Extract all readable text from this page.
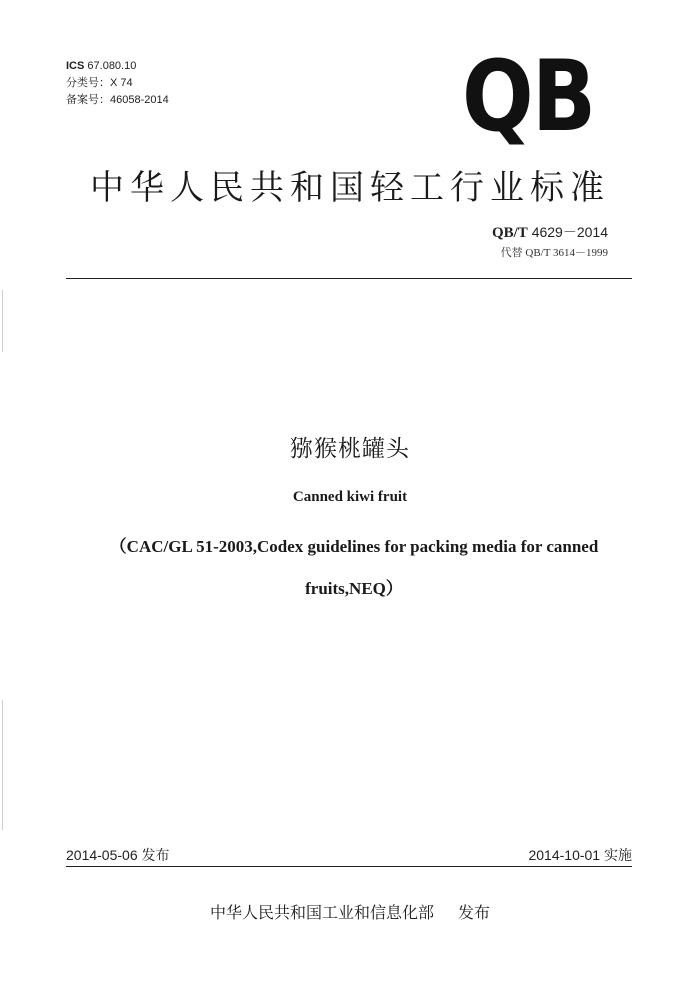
ICS 67.080.10
分类号：X 74
备案号：46058-2014	QB
中华人民共和国轻工行业标准
QB/T 4629－2014
代替 QB/T 3614－1999
猕猴桃罐头
Canned kiwi fruit
（CAC/GL 51-2003,Codex guidelines for packing media for canned
fruits,NEQ）
2014-05-06 发布	2014-10-01 实施
中华人民共和国工业和信息化部 发布
